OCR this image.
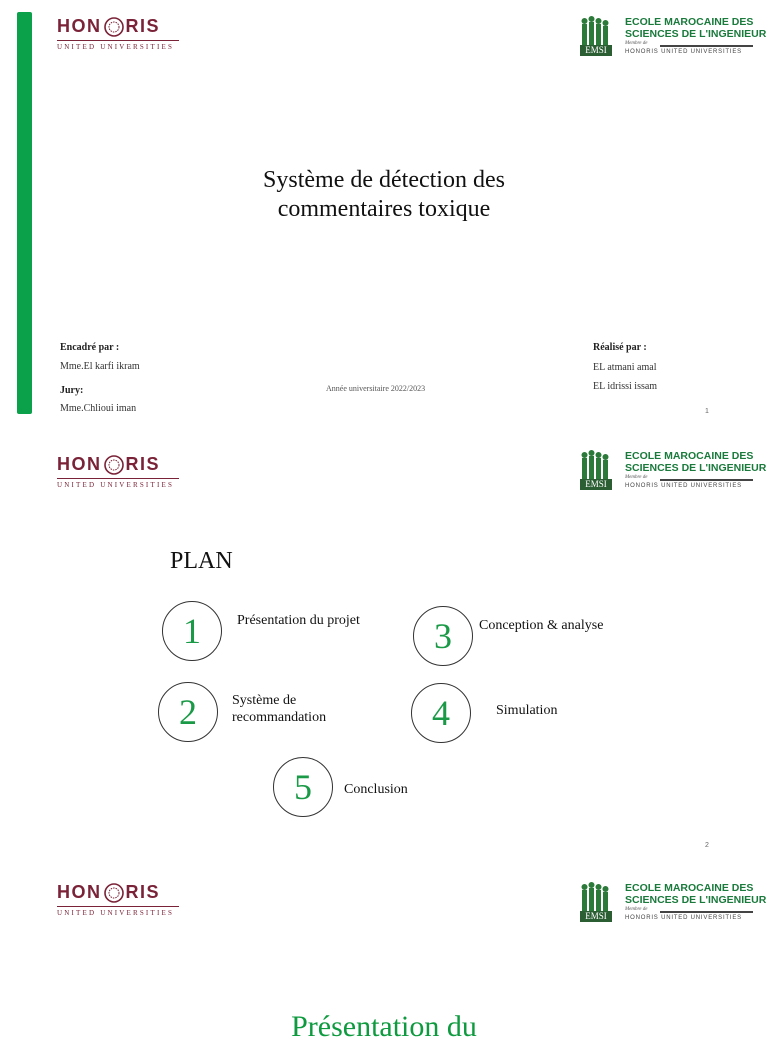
HON RIS
UNITED UNIVERSITIES	EMSI
ECOLE MAROCAINE DES
SCIENCES DE L'INGENIEUR
Membre de
HONORIS UNITED UNIVERSITIES
Système de détection des
commentaires toxique
Encadré par :
Mme.El karfi ikram
Jury:
Mme.Chlioui iman
Année universitaire 2022/2023
Réalisé par :
EL atmani amal
EL idrissi issam
1
HON RIS
UNITED UNIVERSITIES	EMSI
ECOLE MAROCAINE DES
SCIENCES DE L'INGENIEUR
Membre de
HONORIS UNITED UNIVERSITIES
PLAN
1	Présentation du projet
2	Système de
recommandation
3	Conception & analyse
4	Simulation
5	Conclusion
2
HON RIS
UNITED UNIVERSITIES	EMSI
ECOLE MAROCAINE DES
SCIENCES DE L'INGENIEUR
Membre de
HONORIS UNITED UNIVERSITIES
Présentation du
